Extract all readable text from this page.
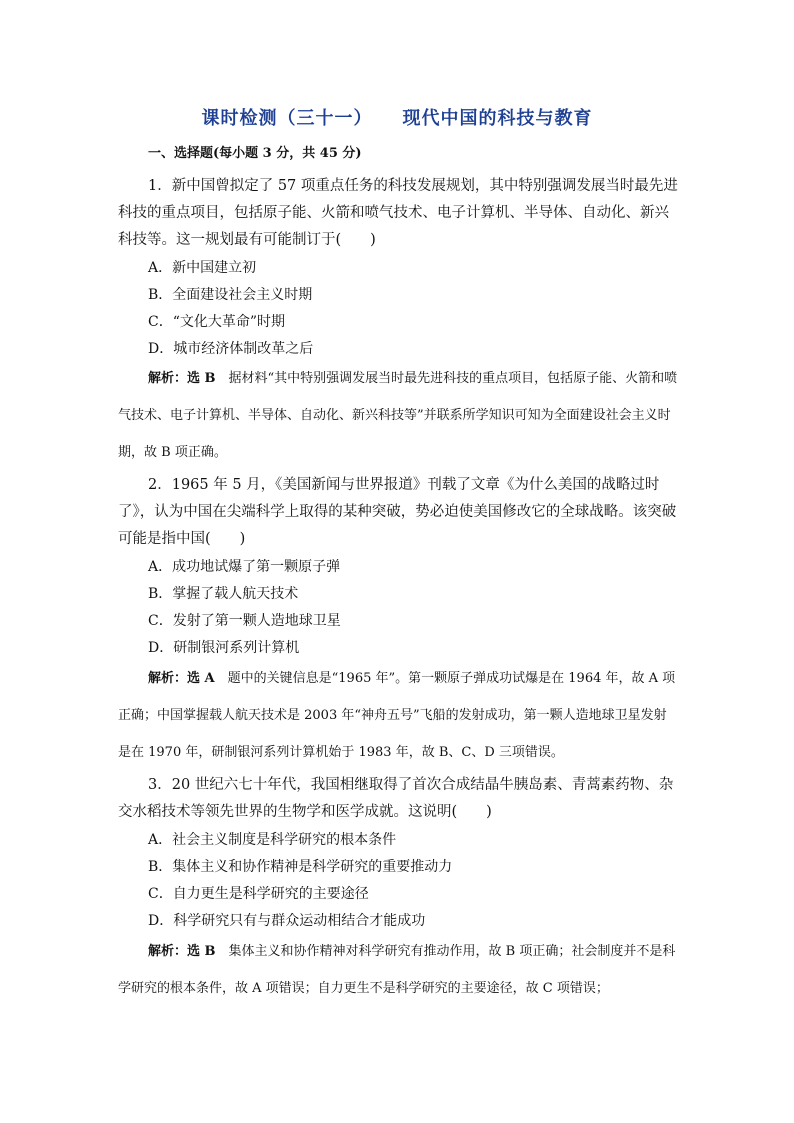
课时检测（三十一） 现代中国的科技与教育
一、选择题(每小题 3 分，共 45 分)
1．新中国曾拟定了 57 项重点任务的科技发展规划，其中特别强调发展当时最先进科技的重点项目，包括原子能、火箭和喷气技术、电子计算机、半导体、自动化、新兴科技等。这一规划最有可能制订于(　　)
A．新中国建立初
B．全面建设社会主义时期
C．“文化大革命”时期
D．城市经济体制改革之后
解析：选 B　 据材料“其中特别强调发展当时最先进科技的重点项目，包括原子能、火箭和喷气技术、电子计算机、半导体、自动化、新兴科技等”并联系所学知识可知为全面建设社会主义时期，故 B 项正确。
2．1965 年 5 月，《美国新闻与世界报道》刊载了文章《为什么美国的战略过时了》，认为中国在尖端科学上取得的某种突破，势必迫使美国修改它的全球战略。该突破可能是指中国(　　)
A．成功地试爆了第一颗原子弹
B．掌握了载人航天技术
C．发射了第一颗人造地球卫星
D．研制银河系列计算机
解析：选 A　 题中的关键信息是“1965 年”。第一颗原子弹成功试爆是在 1964 年，故 A 项正确；中国掌握载人航天技术是 2003 年“神舟五号”飞船的发射成功，第一颗人造地球卫星发射是在 1970 年，研制银河系列计算机始于 1983 年，故 B、C、D 三项错误。
3．20 世纪六七十年代，我国相继取得了首次合成结晶牛胰岛素、青蒿素药物、杂交水稻技术等领先世界的生物学和医学成就。这说明(　　)
A．社会主义制度是科学研究的根本条件
B．集体主义和协作精神是科学研究的重要推动力
C．自力更生是科学研究的主要途径
D．科学研究只有与群众运动相结合才能成功
解析：选 B　 集体主义和协作精神对科学研究有推动作用，故 B 项正确；社会制度并不是科学研究的根本条件，故 A 项错误；自力更生不是科学研究的主要途径，故 C 项错误；
